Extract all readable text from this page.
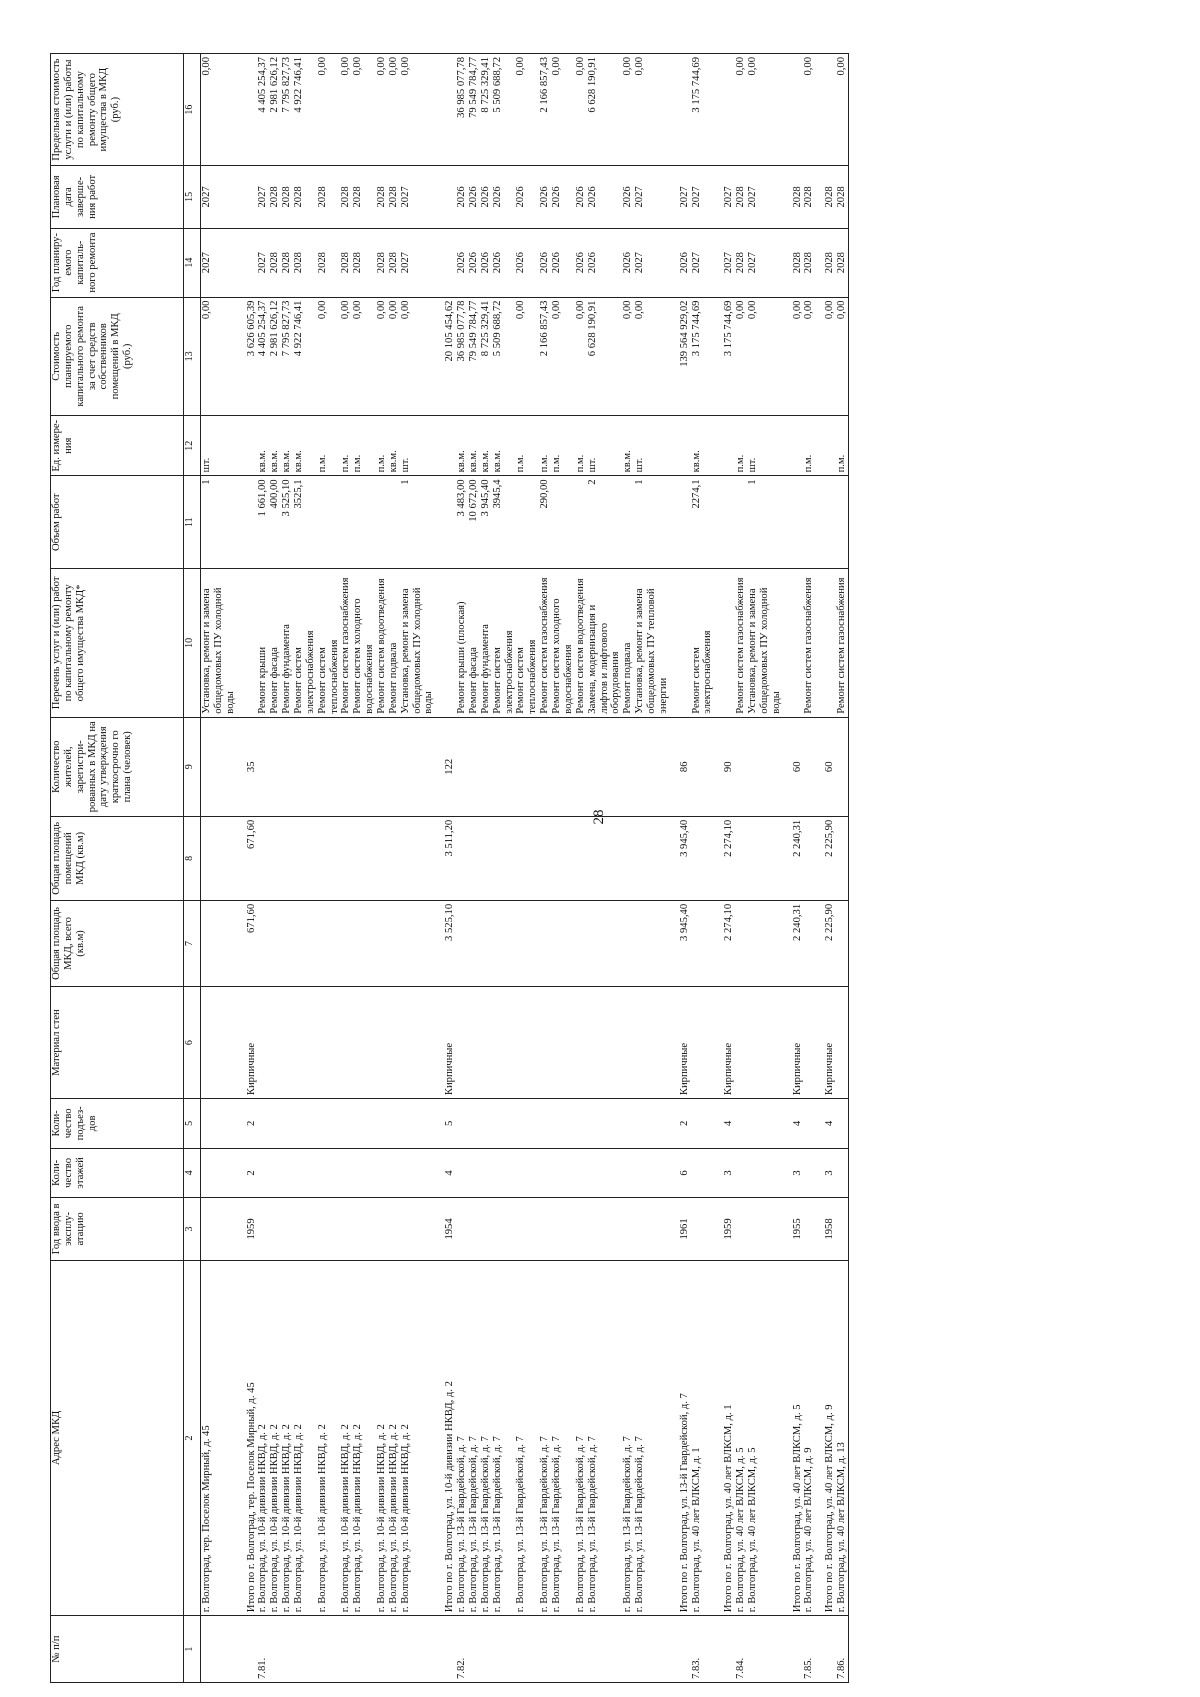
28
№ п/п	Адрес МКД	Год ввода в эксплу-атацию	Коли-чество этажей	Коли-чество подъез-дов	Материал стен	Общая площадь МКД, всего (кв.м)	Общая площадь помещений МКД (кв.м)	Количество жителей, зарегистри-рованных в МКД на дату утверждения краткосрочно го плана (человек)	Перечень услуг и (или) работ по капитальному ремонту общего имущества МКД*	Объем работ	Ед. измере-ния	Стоимость планируемого капитального ремонта за счет средств собственников помещений в МКД (руб.)	Год планиру-емого капиталь-ного ремонта	Плановая дата заверше-ния работ	Предельная стоимость услуги и (или) работы по капитальному ремонту общего имущества в МКД (руб.)
1	2	3	4	5	6	7	8	9	10	11	12	13	14	15	16
	г. Волгоград, тер. Поселок Мирный, д. 45								Установка, ремонт и замена общедомовых ПУ холодной воды	1	шт.	0,00	2027	2027	0,00

	Итого по г. Волгоград, тер. Поселок Мирный, д. 45	1959	2	2	Кирпичные	671,60	671,60	35				3 626 605,39			
7.81.	г. Волгоград, ул. 10-й дивизии НКВД, д. 2								Ремонт крыши	1 661,00	кв.м.	4 405 254,37	2027	2027	4 405 254,37
	г. Волгоград, ул. 10-й дивизии НКВД, д. 2								Ремонт фасада	400,00	кв.м.	2 981 626,12	2028	2028	2 981 626,12
	г. Волгоград, ул. 10-й дивизии НКВД, д. 2								Ремонт фундамента	3 525,10	кв.м.	7 795 827,73	2028	2028	7 795 827,73
	г. Волгоград, ул. 10-й дивизии НКВД, д. 2								Ремонт систем электроснабжения	3525,1	кв.м.	4 922 746,41	2028	2028	4 922 746,41
	г. Волгоград, ул. 10-й дивизии НКВД, д. 2								Ремонт систем теплоснабжения		п.м.	0,00	2028	2028	0,00
	г. Волгоград, ул. 10-й дивизии НКВД, д. 2								Ремонт систем газоснабжения		п.м.	0,00	2028	2028	0,00
	г. Волгоград, ул. 10-й дивизии НКВД, д. 2								Ремонт систем холодного водоснабжения		п.м.	0,00	2028	2028	0,00
	г. Волгоград, ул. 10-й дивизии НКВД, д. 2								Ремонт систем водоотведения		п.м.	0,00	2028	2028	0,00
	г. Волгоград, ул. 10-й дивизии НКВД, д. 2								Ремонт подвала		кв.м.	0,00	2028	2028	0,00
	г. Волгоград, ул. 10-й дивизии НКВД, д. 2								Установка, ремонт и замена общедомовых ПУ холодной воды	1	шт.	0,00	2027	2027	0,00

	Итого по г. Волгоград, ул. 10-й дивизии НКВД, д. 2	1954	4	5	Кирпичные	3 525,10	3 511,20	122				20 105 454,62			
7.82.	г. Волгоград, ул. 13-й Гвардейской, д. 7								Ремонт крыши (плоская)	3 483,00	кв.м.	36 985 077,78	2026	2026	36 985 077,78
	г. Волгоград, ул. 13-й Гвардейской, д. 7								Ремонт фасада	10 672,00	кв.м.	79 549 784,77	2026	2026	79 549 784,77
	г. Волгоград, ул. 13-й Гвардейской, д. 7								Ремонт фундамента	3 945,40	кв.м.	8 725 329,41	2026	2026	8 725 329,41
	г. Волгоград, ул. 13-й Гвардейской, д. 7								Ремонт систем электроснабжения	3945,4	кв.м.	5 509 688,72	2026	2026	5 509 688,72
	г. Волгоград, ул. 13-й Гвардейской, д. 7								Ремонт систем теплоснабжения		п.м.	0,00	2026	2026	0,00
	г. Волгоград, ул. 13-й Гвардейской, д. 7								Ремонт систем газоснабжения	290,00	п.м.	2 166 857,43	2026	2026	2 166 857,43
	г. Волгоград, ул. 13-й Гвардейской, д. 7								Ремонт систем холодного водоснабжения		п.м.	0,00	2026	2026	0,00
	г. Волгоград, ул. 13-й Гвардейской, д. 7								Ремонт систем водоотведения		п.м.	0,00	2026	2026	0,00
	г. Волгоград, ул. 13-й Гвардейской, д. 7								Замена, модернизация и лифтов и лифтового оборудования	2	шт.	6 628 190,91	2026	2026	6 628 190,91
	г. Волгоград, ул. 13-й Гвардейской, д. 7								Ремонт подвала		кв.м.	0,00	2026	2026	0,00
	г. Волгоград, ул. 13-й Гвардейской, д. 7								Установка, ремонт и замена общедомовых ПУ тепловой энергии	1	шт.	0,00	2027	2027	0,00

	Итого по г. Волгоград, ул. 13-й Гвардейской, д. 7	1961	6	2	Кирпичные	3 945,40	3 945,40	86				139 564 929,02	2026	2027	
7.83.	г. Волгоград, ул. 40 лет ВЛКСМ, д. 1								Ремонт систем электроснабжения	2274,1	кв.м.	3 175 744,69	2027	2027	3 175 744,69

	Итого по г. Волгоград, ул. 40 лет ВЛКСМ, д. 1	1959	3	4	Кирпичные	2 274,10	2 274,10	90				3 175 744,69	2027	2027	
7.84.	г. Волгоград, ул. 40 лет ВЛКСМ, д. 5								Ремонт систем газоснабжения		п.м.	0,00	2028	2028	0,00
	г. Волгоград, ул. 40 лет ВЛКСМ, д. 5								Установка, ремонт и замена общедомовых ПУ холодной воды	1	шт.	0,00	2027	2027	0,00

	Итого по г. Волгоград, ул. 40 лет ВЛКСМ, д. 5	1955	3	4	Кирпичные	2 240,31	2 240,31	60				0,00	2028	2028	
7.85.	г. Волгоград, ул. 40 лет ВЛКСМ, д. 9								Ремонт систем газоснабжения		п.м.	0,00	2028	2028	0,00

	Итого по г. Волгоград, ул. 40 лет ВЛКСМ, д. 9	1958	3	4	Кирпичные	2 225,90	2 225,90	60				0,00	2028	2028	
7.86.	г. Волгоград, ул. 40 лет ВЛКСМ, д. 13								Ремонт систем газоснабжения		п.м.	0,00	2028	2028	0,00
